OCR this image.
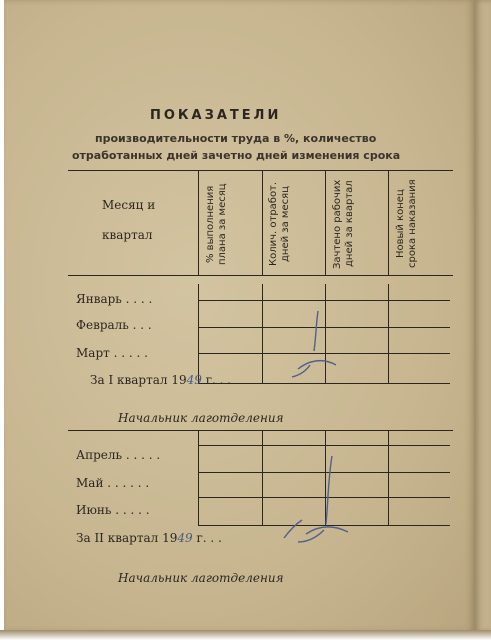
ПОКАЗАТЕЛИ
производительности труда в %, количество
отработанных дней зачетно дней изменения срока
Месяц и
квартал	% выполнения плана за месяц	Колич. отработ. дней за месяц	Зачтено рабочих дней за квартал	Новый конец срока наказания
Январь . . . .
Февраль . . .
Март . . . . .
За I квартал 1949 г. . .
Начальник лаготделения
Апрель . . . . .
Май . . . . . .
Июнь . . . . .
За II квартал 1949 г. . .
Начальник лаготделения
